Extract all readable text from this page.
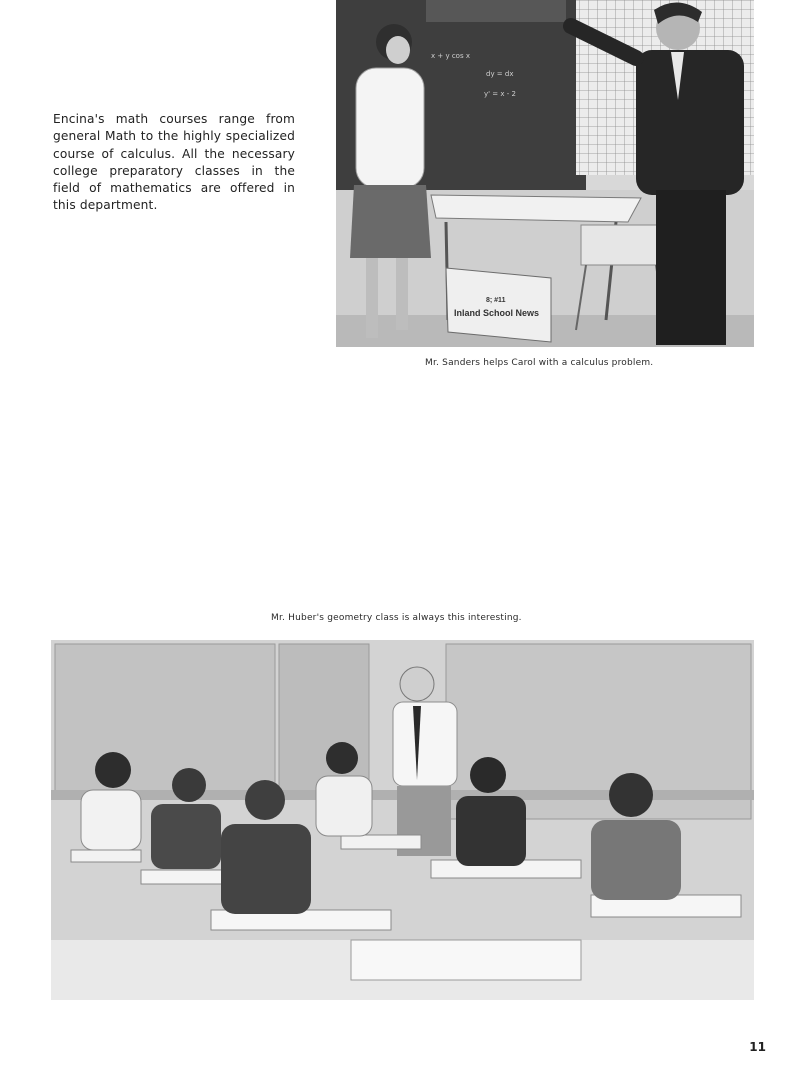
Encina's math courses range from general Math to the highly specialized course of calculus. All the necessary college preparatory classes in the field of mathematics are offered in this department.

x + y cos x
dy = dx
y' = x - 2
Inland School News
8; #11

Mr. Sanders helps Carol with a calculus problem.

Mr. Huber's geometry class is always this interesting.

11
